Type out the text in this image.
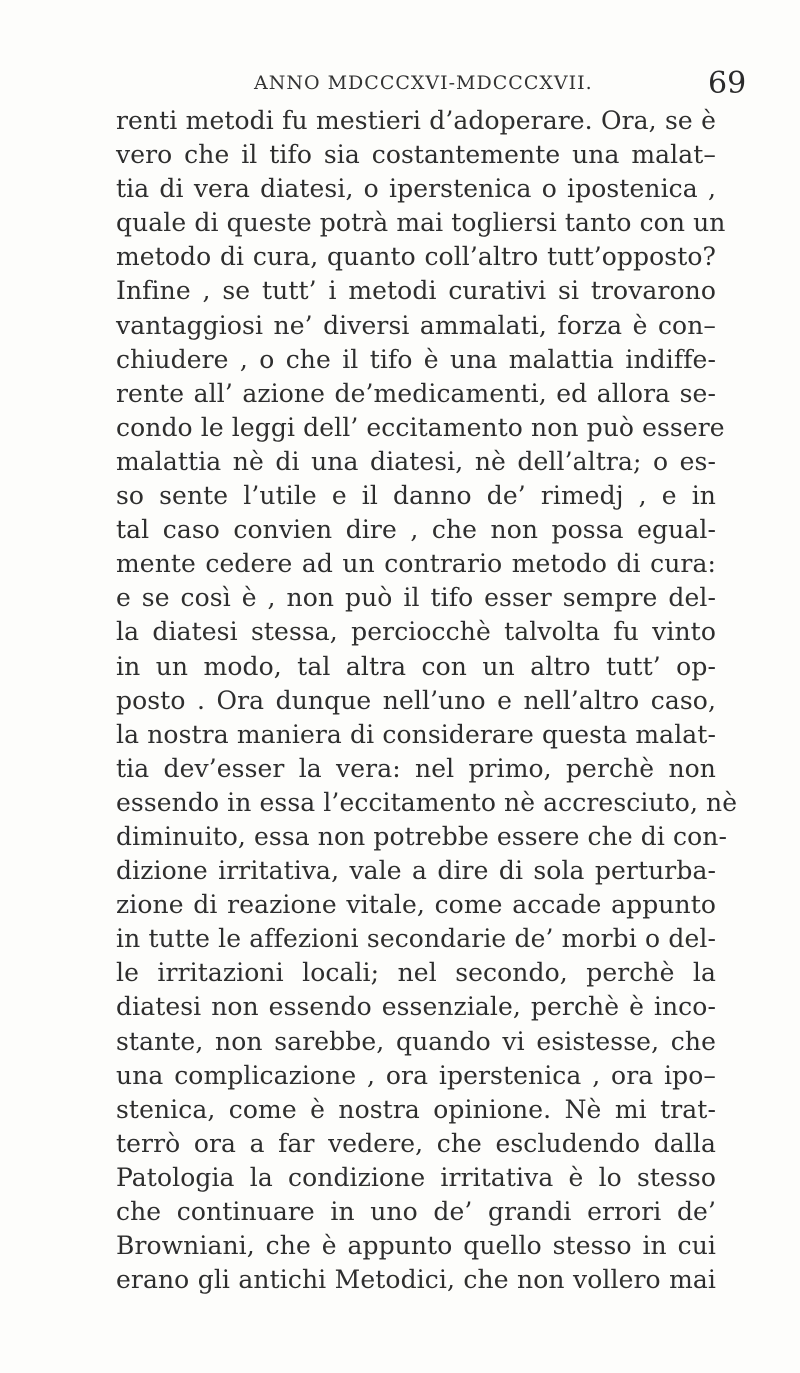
ANNO MDCCCXVI-MDCCCXVII.	69
renti metodi fu mestieri d’adoperare. Ora, se è
vero che il tifo sia costantemente una malat–
tia di vera diatesi, o iperstenica o ipostenica ,
quale di queste potrà mai togliersi tanto con un
metodo di cura, quanto coll’altro tutt’opposto?
Infine , se tutt’ i metodi curativi si trovarono
vantaggiosi ne’ diversi ammalati, forza è con–
chiudere , o che il tifo è una malattia indiffe-
rente all’ azione de’medicamenti, ed allora se-
condo le leggi dell’ eccitamento non può essere
malattia nè di una diatesi, nè dell’altra; o es-
so sente l’utile e il danno de’ rimedj , e in
tal caso convien dire , che non possa egual-
mente cedere ad un contrario metodo di cura:
e se così è , non può il tifo esser sempre del-
la diatesi stessa, perciocchè talvolta fu vinto
in un modo, tal altra con un altro tutt’ op-
posto . Ora dunque nell’uno e nell’altro caso,
la nostra maniera di considerare questa malat-
tia dev’esser la vera: nel primo, perchè non
essendo in essa l’eccitamento nè accresciuto, nè
diminuito, essa non potrebbe essere che di con-
dizione irritativa, vale a dire di sola perturba-
zione di reazione vitale, come accade appunto
in tutte le affezioni secondarie de’ morbi o del-
le irritazioni locali; nel secondo, perchè la
diatesi non essendo essenziale, perchè è inco-
stante, non sarebbe, quando vi esistesse, che
una complicazione , ora iperstenica , ora ipo–
stenica, come è nostra opinione. Nè mi trat-
terrò ora a far vedere, che escludendo dalla
Patologia la condizione irritativa è lo stesso
che continuare in uno de’ grandi errori de’
Browniani, che è appunto quello stesso in cui
erano gli antichi Metodici, che non vollero mai
